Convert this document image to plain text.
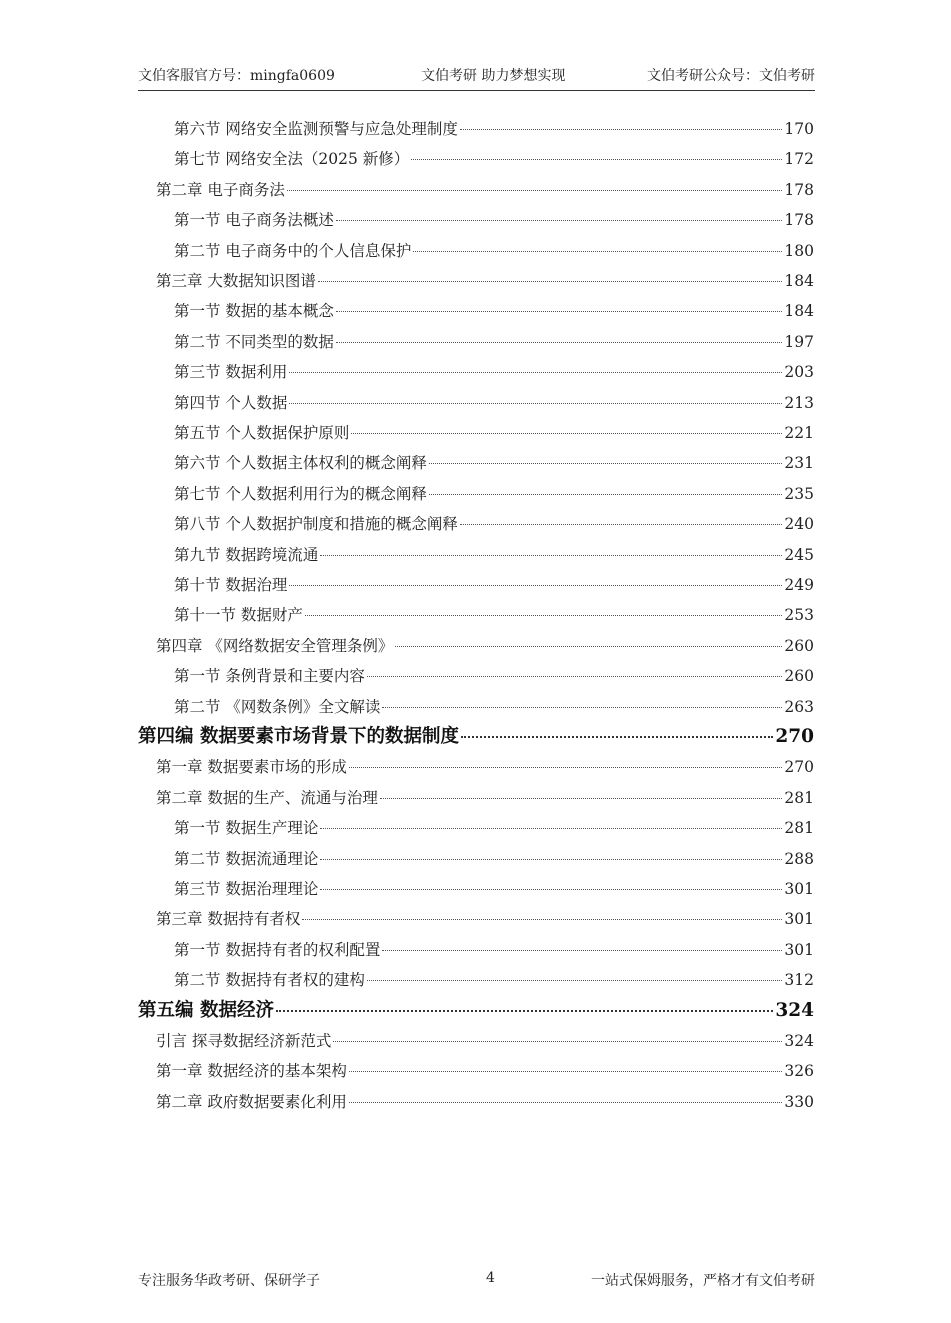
文伯客服官方号：mingfa0609	文伯考研 助力梦想实现	文伯考研公众号：文伯考研
第六节 网络安全监测预警与应急处理制度	170
第七节 网络安全法（2025 新修）	172
第二章 电子商务法	178
第一节 电子商务法概述	178
第二节 电子商务中的个人信息保护	180
第三章 大数据知识图谱	184
第一节 数据的基本概念	184
第二节 不同类型的数据	197
第三节 数据利用	203
第四节 个人数据	213
第五节 个人数据保护原则	221
第六节 个人数据主体权利的概念阐释	231
第七节 个人数据利用行为的概念阐释	235
第八节 个人数据护制度和措施的概念阐释	240
第九节 数据跨境流通	245
第十节 数据治理	249
第十一节 数据财产	253
第四章 《网络数据安全管理条例》	260
第一节 条例背景和主要内容	260
第二节 《网数条例》全文解读	263
第四编 数据要素市场背景下的数据制度	270
第一章 数据要素市场的形成	270
第二章 数据的生产、流通与治理	281
第一节 数据生产理论	281
第二节 数据流通理论	288
第三节 数据治理理论	301
第三章 数据持有者权	301
第一节 数据持有者的权利配置	301
第二节 数据持有者权的建构	312
第五编 数据经济	324
引言 探寻数据经济新范式	324
第一章 数据经济的基本架构	326
第二章 政府数据要素化利用	330
专注服务华政考研、保研学子	4	一站式保姆服务，严格才有文伯考研
